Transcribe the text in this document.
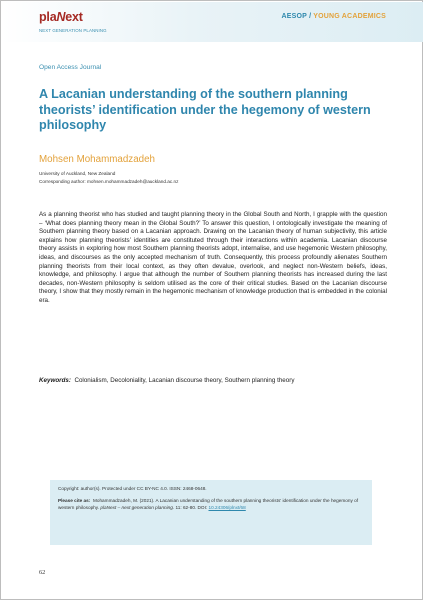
plaNext
NEXT GENERATION PLANNING
AESOP / YOUNG ACADEMICS
Open Access Journal
A Lacanian understanding of the southern planning theorists’ identification under the hegemony of western philosophy
Mohsen Mohammadzadeh
University of Auckland, New Zealand
Corresponding author: mohsen.mohammadzadeh@auckland.ac.nz

As a planning theorist who has studied and taught planning theory in the Global South and North, I grapple with the question – ‘What does planning theory mean in the Global South?’ To answer this question, I ontologically investigate the meaning of Southern planning theory based on a Lacanian approach. Drawing on the Lacanian theory of human subjectivity, this article explains how planning theorists’ identities are constituted through their interactions within academia. Lacanian discourse theory assists in exploring how most Southern planning theorists adopt, internalise, and use hegemonic Western philosophy, ideas, and discourses as the only accepted mechanism of truth. Consequently, this process profoundly alienates Southern planning theorists from their local context, as they often devalue, overlook, and neglect non-Western beliefs, ideas, knowledge, and philosophy. I argue that although the number of Southern planning theorists has increased during the last decades, non-Western philosophy is seldom utilised as the core of their critical studies. Based on the Lacanian discourse theory, I show that they mostly remain in the hegemonic mechanism of knowledge production that is embedded in the colonial era.

Keywords: Colonialism, Decoloniality, Lacanian discourse theory, Southern planning theory
Copyright: author(s). Protected under CC BY-NC 4.0. ISSN: 2468-0648.
Please cite as: Mohammadzadeh, M. (2021). A Lacanian understanding of the southern planning theorists’ identification under the hegemony of western philosophy. plaNext – next generation planning. 11: 62-80. DOI: 10.24306/plnxt/68
62
